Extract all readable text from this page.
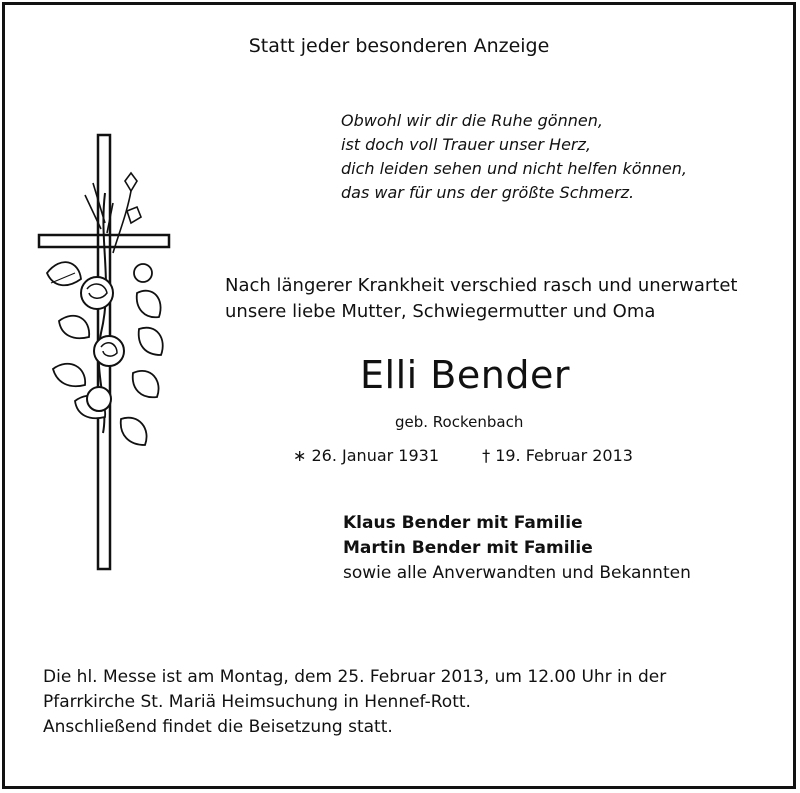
Statt jeder besonderen Anzeige
Obwohl wir dir die Ruhe gönnen,
ist doch voll Trauer unser Herz,
dich leiden sehen und nicht helfen können,
das war für uns der größte Schmerz.
Nach längerer Krankheit verschied rasch und unerwartet
unsere liebe Mutter, Schwiegermutter und Oma
Elli Bender
geb. Rockenbach
∗ 26. Januar 1931	† 19. Februar 2013
Klaus Bender mit Familie
Martin Bender mit Familie
sowie alle Anverwandten und Bekannten
Die hl. Messe ist am Montag, dem 25. Februar 2013, um 12.00 Uhr in der
Pfarrkirche St. Mariä Heimsuchung in Hennef-Rott.
Anschließend findet die Beisetzung statt.
